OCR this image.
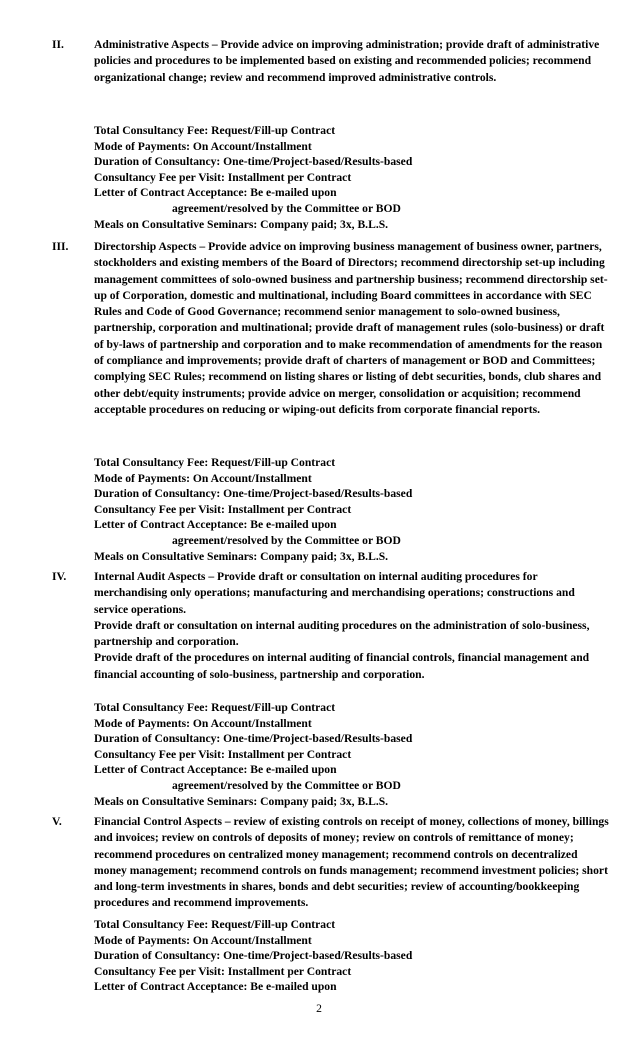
II.	Administrative Aspects – Provide advice on improving administration; provide draft of administrative policies and procedures to be implemented based on existing and recommended policies; recommend organizational change; review and recommend improved administrative controls.

Total Consultancy Fee: Request/Fill-up Contract
Mode of Payments: On Account/Installment
Duration of Consultancy: One-time/Project-based/Results-based
Consultancy Fee per Visit: Installment per Contract
Letter of Contract Acceptance: Be e-mailed upon
agreement/resolved by the Committee or BOD
Meals on Consultative Seminars: Company paid; 3x, B.L.S.
III. Directorship Aspects – Provide advice on improving business management of business owner, partners, stockholders and existing members of the Board of Directors; recommend directorship set-up including management committees of solo-owned business and partnership business; recommend directorship set-up of Corporation, domestic and multinational, including Board committees in accordance with SEC Rules and Code of Good Governance; recommend senior management to solo-owned business, partnership, corporation and multinational; provide draft of management rules (solo-business) or draft of by-laws of partnership and corporation and to make recommendation of amendments for the reason of compliance and improvements; provide draft of charters of management or BOD and Committees; complying SEC Rules; recommend on listing shares or listing of debt securities, bonds, club shares and other debt/equity instruments; provide advice on merger, consolidation or acquisition; recommend acceptable procedures on reducing or wiping-out deficits from corporate financial reports.

Total Consultancy Fee: Request/Fill-up Contract
Mode of Payments: On Account/Installment
Duration of Consultancy: One-time/Project-based/Results-based
Consultancy Fee per Visit: Installment per Contract
Letter of Contract Acceptance: Be e-mailed upon
agreement/resolved by the Committee or BOD
Meals on Consultative Seminars: Company paid; 3x, B.L.S.
IV. Internal Audit Aspects – Provide draft or consultation on internal auditing procedures for merchandising only operations; manufacturing and merchandising operations; constructions and service operations.

Provide draft or consultation on internal auditing procedures on the administration of solo-business, partnership and corporation.

Provide draft of the procedures on internal auditing of financial controls, financial management and financial accounting of solo-business, partnership and corporation.

Total Consultancy Fee: Request/Fill-up Contract
Mode of Payments: On Account/Installment
Duration of Consultancy: One-time/Project-based/Results-based
Consultancy Fee per Visit: Installment per Contract
Letter of Contract Acceptance: Be e-mailed upon
agreement/resolved by the Committee or BOD
Meals on Consultative Seminars: Company paid; 3x, B.L.S.
V.	Financial Control Aspects – review of existing controls on receipt of money, collections of money, billings and invoices; review on controls of deposits of money; review on controls of remittance of money; recommend procedures on centralized money management; recommend controls on decentralized money management; recommend controls on funds management; recommend investment policies; short and long-term investments in shares, bonds and debt securities; review of accounting/bookkeeping procedures and recommend improvements.

Total Consultancy Fee: Request/Fill-up Contract
Mode of Payments: On Account/Installment
Duration of Consultancy: One-time/Project-based/Results-based
Consultancy Fee per Visit: Installment per Contract
Letter of Contract Acceptance: Be e-mailed upon
2
